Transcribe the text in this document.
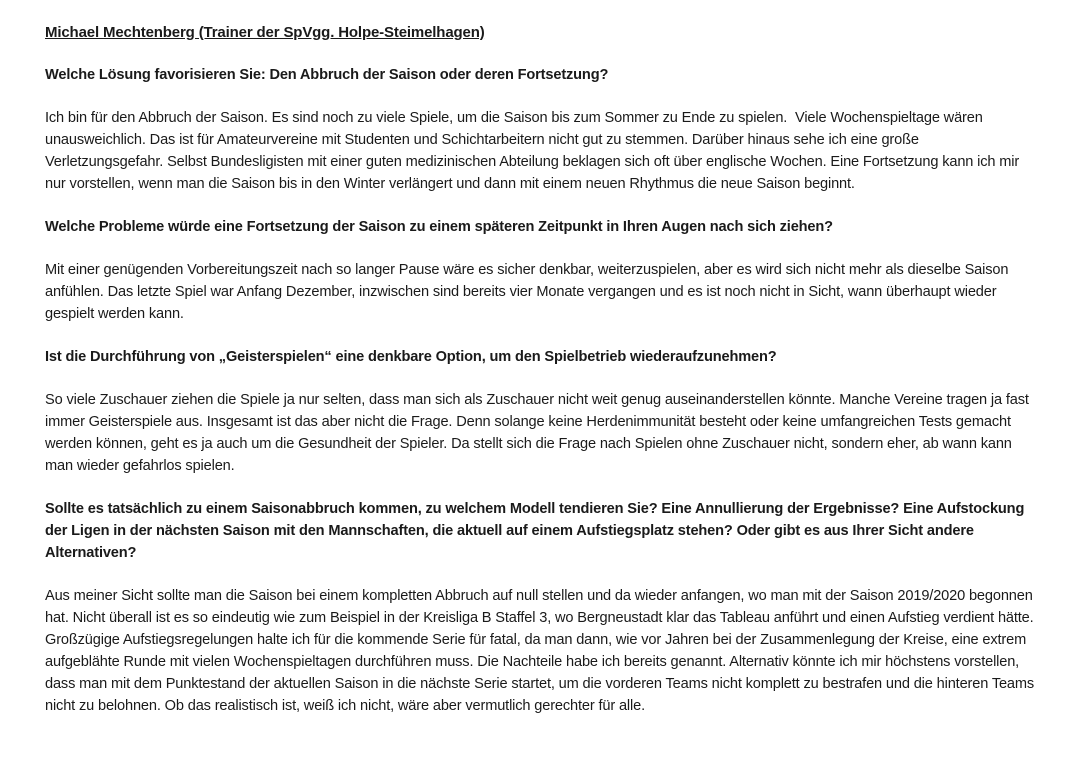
Michael Mechtenberg (Trainer der SpVgg. Holpe-Steimelhagen)

Welche Lösung favorisieren Sie: Den Abbruch der Saison oder deren Fortsetzung?

Ich bin für den Abbruch der Saison. Es sind noch zu viele Spiele, um die Saison bis zum Sommer zu Ende zu spielen.  Viele Wochenspieltage wären unausweichlich. Das ist für Amateurvereine mit Studenten und Schichtarbeitern nicht gut zu stemmen. Darüber hinaus sehe ich eine große Verletzungsgefahr. Selbst Bundesligisten mit einer guten medizinischen Abteilung beklagen sich oft über englische Wochen. Eine Fortsetzung kann ich mir nur vorstellen, wenn man die Saison bis in den Winter verlängert und dann mit einem neuen Rhythmus die neue Saison beginnt.

Welche Probleme würde eine Fortsetzung der Saison zu einem späteren Zeitpunkt in Ihren Augen nach sich ziehen?

Mit einer genügenden Vorbereitungszeit nach so langer Pause wäre es sicher denkbar, weiterzuspielen, aber es wird sich nicht mehr als dieselbe Saison anfühlen. Das letzte Spiel war Anfang Dezember, inzwischen sind bereits vier Monate vergangen und es ist noch nicht in Sicht, wann überhaupt wieder gespielt werden kann.

Ist die Durchführung von „Geisterspielen“ eine denkbare Option, um den Spielbetrieb wiederaufzunehmen?

So viele Zuschauer ziehen die Spiele ja nur selten, dass man sich als Zuschauer nicht weit genug auseinanderstellen könnte. Manche Vereine tragen ja fast immer Geisterspiele aus. Insgesamt ist das aber nicht die Frage. Denn solange keine Herdenimmunität besteht oder keine umfangreichen Tests gemacht werden können, geht es ja auch um die Gesundheit der Spieler. Da stellt sich die Frage nach Spielen ohne Zuschauer nicht, sondern eher, ab wann kann man wieder gefahrlos spielen.

Sollte es tatsächlich zu einem Saisonabbruch kommen, zu welchem Modell tendieren Sie? Eine Annullierung der Ergebnisse? Eine Aufstockung der Ligen in der nächsten Saison mit den Mannschaften, die aktuell auf einem Aufstiegsplatz stehen? Oder gibt es aus Ihrer Sicht andere Alternativen?

Aus meiner Sicht sollte man die Saison bei einem kompletten Abbruch auf null stellen und da wieder anfangen, wo man mit der Saison 2019/2020 begonnen hat. Nicht überall ist es so eindeutig wie zum Beispiel in der Kreisliga B Staffel 3, wo Bergneustadt klar das Tableau anführt und einen Aufstieg verdient hätte. Großzügige Aufstiegsregelungen halte ich für die kommende Serie für fatal, da man dann, wie vor Jahren bei der Zusammenlegung der Kreise, eine extrem aufgeblähte Runde mit vielen Wochenspieltagen durchführen muss. Die Nachteile habe ich bereits genannt. Alternativ könnte ich mir höchstens vorstellen, dass man mit dem Punktestand der aktuellen Saison in die nächste Serie startet, um die vorderen Teams nicht komplett zu bestrafen und die hinteren Teams nicht zu belohnen. Ob das realistisch ist, weiß ich nicht, wäre aber vermutlich gerechter für alle.
